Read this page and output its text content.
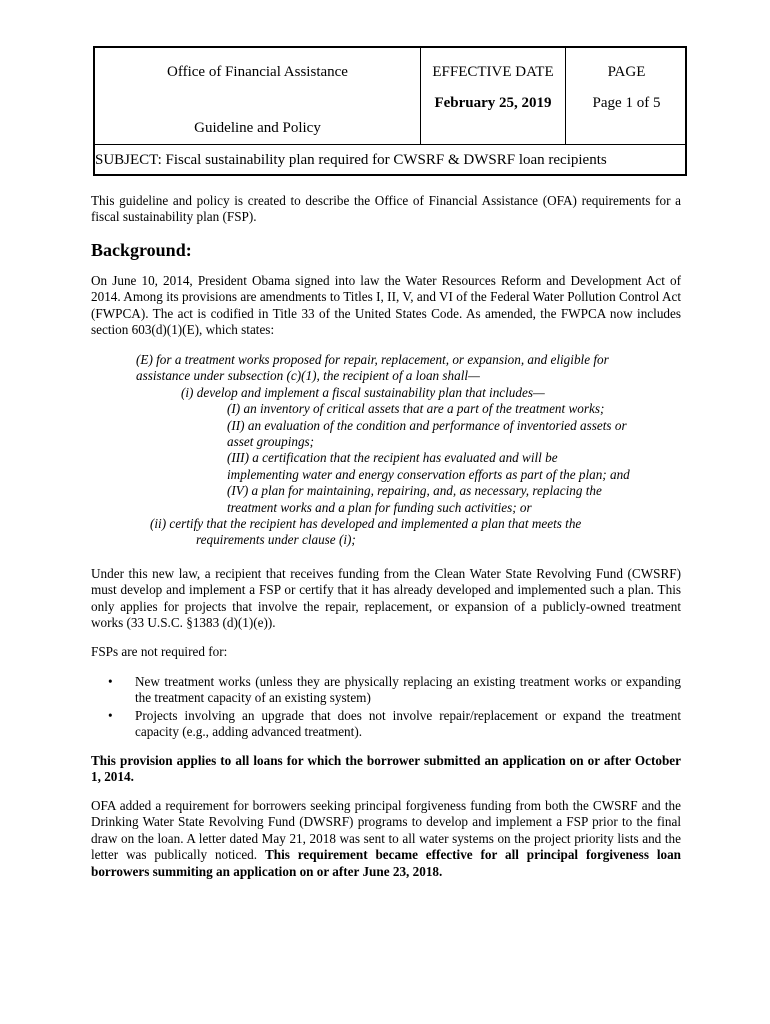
Office of Financial Assistance
Guideline and Policy
EFFECTIVE DATE
February 25, 2019
PAGE
Page 1 of 5
SUBJECT: Fiscal sustainability plan required for CWSRF & DWSRF loan recipients
This guideline and policy is created to describe the Office of Financial Assistance (OFA) requirements for a fiscal sustainability plan (FSP).
Background:
On June 10, 2014, President Obama signed into law the Water Resources Reform and Development Act of 2014. Among its provisions are amendments to Titles I, II, V, and VI of the Federal Water Pollution Control Act (FWPCA). The act is codified in Title 33 of the United States Code. As amended, the FWPCA now includes section 603(d)(1)(E), which states:
(E) for a treatment works proposed for repair, replacement, or expansion, and eligible for
assistance under subsection (c)(1), the recipient of a loan shall—
(i) develop and implement a fiscal sustainability plan that includes—
(I) an inventory of critical assets that are a part of the treatment works;
(II) an evaluation of the condition and performance of inventoried assets or
asset groupings;
(III) a certification that the recipient has evaluated and will be
implementing water and energy conservation efforts as part of the plan; and
(IV) a plan for maintaining, repairing, and, as necessary, replacing the
treatment works and a plan for funding such activities; or
(ii) certify that the recipient has developed and implemented a plan that meets the
requirements under clause (i);
Under this new law, a recipient that receives funding from the Clean Water State Revolving Fund (CWSRF) must develop and implement a FSP or certify that it has already developed and implemented such a plan. This only applies for projects that involve the repair, replacement, or expansion of a publicly-owned treatment works (33 U.S.C. §1383 (d)(1)(e)).
FSPs are not required for:
• New treatment works (unless they are physically replacing an existing treatment works or expanding the treatment capacity of an existing system)
• Projects involving an upgrade that does not involve repair/replacement or expand the treatment capacity (e.g., adding advanced treatment).
This provision applies to all loans for which the borrower submitted an application on or after October 1, 2014.
OFA added a requirement for borrowers seeking principal forgiveness funding from both the CWSRF and the Drinking Water State Revolving Fund (DWSRF) programs to develop and implement a FSP prior to the final draw on the loan. A letter dated May 21, 2018 was sent to all water systems on the project priority lists and the letter was publically noticed. This requirement became effective for all principal forgiveness loan borrowers summiting an application on or after June 23, 2018.
